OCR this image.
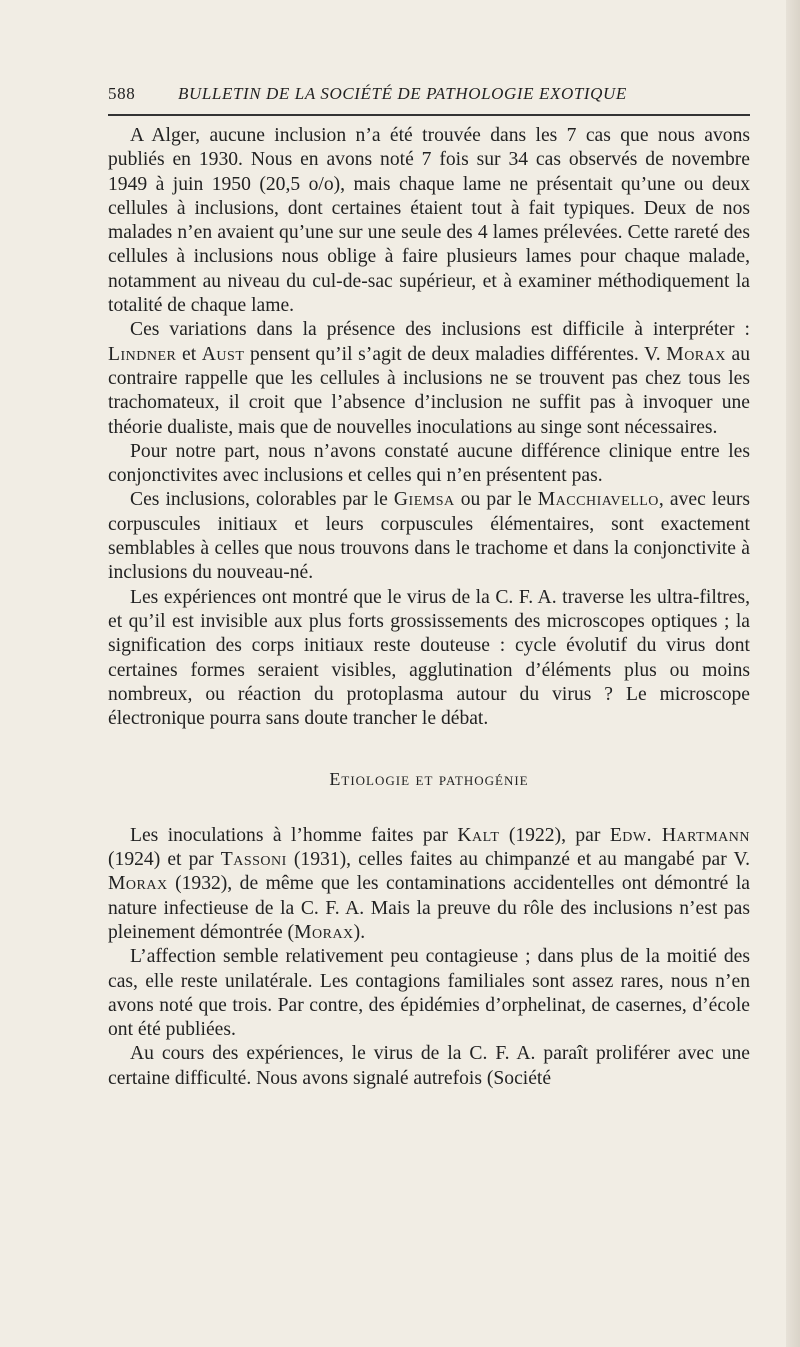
588	BULLETIN DE LA SOCIÉTÉ DE PATHOLOGIE EXOTIQUE

A Alger, aucune inclusion n’a été trouvée dans les 7 cas que nous avons publiés en 1930. Nous en avons noté 7 fois sur 34 cas observés de novembre 1949 à juin 1950 (20,5 o/o), mais chaque lame ne présentait qu’une ou deux cellules à inclusions, dont certaines étaient tout à fait typiques. Deux de nos malades n’en avaient qu’une sur une seule des 4 lames prélevées. Cette rareté des cellules à inclusions nous oblige à faire plusieurs lames pour chaque malade, notamment au niveau du cul-de-sac supérieur, et à examiner méthodiquement la totalité de chaque lame.

Ces variations dans la présence des inclusions est difficile à interpréter : Lindner et Aust pensent qu’il s’agit de deux maladies différentes. V. Morax au contraire rappelle que les cellules à inclusions ne se trouvent pas chez tous les trachomateux, il croit que l’absence d’inclusion ne suffit pas à invoquer une théorie dualiste, mais que de nouvelles inoculations au singe sont nécessaires.

Pour notre part, nous n’avons constaté aucune différence clinique entre les conjonctivites avec inclusions et celles qui n’en présentent pas.

Ces inclusions, colorables par le Giemsa ou par le Macchiavello, avec leurs corpuscules initiaux et leurs corpuscules élémentaires, sont exactement semblables à celles que nous trouvons dans le trachome et dans la conjonctivite à inclusions du nouveau-né.

Les expériences ont montré que le virus de la C. F. A. traverse les ultra-filtres, et qu’il est invisible aux plus forts grossissements des microscopes optiques ; la signification des corps initiaux reste douteuse : cycle évolutif du virus dont certaines formes seraient visibles, agglutination d’éléments plus ou moins nombreux, ou réaction du protoplasma autour du virus ? Le microscope électronique pourra sans doute trancher le débat.

Etiologie et pathogénie

Les inoculations à l’homme faites par Kalt (1922), par Edw. Hartmann (1924) et par Tassoni (1931), celles faites au chimpanzé et au mangabé par V. Morax (1932), de même que les contaminations accidentelles ont démontré la nature infectieuse de la C. F. A. Mais la preuve du rôle des inclusions n’est pas pleinement démontrée (Morax).

L’affection semble relativement peu contagieuse ; dans plus de la moitié des cas, elle reste unilatérale. Les contagions familiales sont assez rares, nous n’en avons noté que trois. Par contre, des épidémies d’orphelinat, de casernes, d’école ont été publiées.

Au cours des expériences, le virus de la C. F. A. paraît proliférer avec une certaine difficulté. Nous avons signalé autrefois (Société
